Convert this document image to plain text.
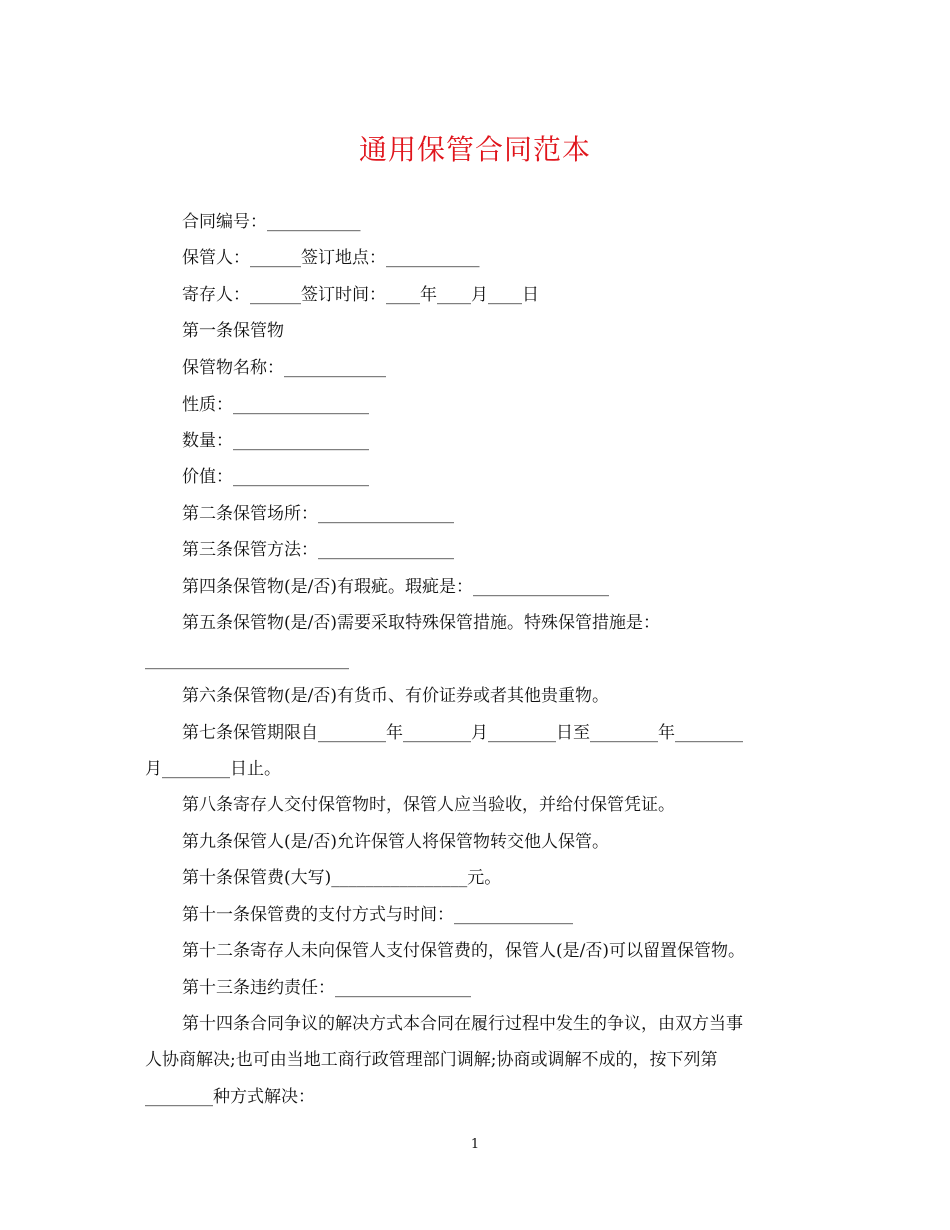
通用保管合同范本
合同编号：___________
保管人：______签订地点：___________
寄存人：______签订时间：____年____月____日
第一条保管物
保管物名称：____________
性质：________________
数量：________________
价值：________________
第二条保管场所：________________
第三条保管方法：________________
第四条保管物(是/否)有瑕疵。瑕疵是：________________
第五条保管物(是/否)需要采取特殊保管措施。特殊保管措施是：
________________________
第六条保管物(是/否)有货币、有价证券或者其他贵重物。
第七条保管期限自________年________月________日至________年________
月________日止。
第八条寄存人交付保管物时，保管人应当验收，并给付保管凭证。
第九条保管人(是/否)允许保管人将保管物转交他人保管。
第十条保管费(大写)________________元。
第十一条保管费的支付方式与时间：______________
第十二条寄存人未向保管人支付保管费的，保管人(是/否)可以留置保管物。
第十三条违约责任：________________
第十四条合同争议的解决方式本合同在履行过程中发生的争议，由双方当事
人协商解决;也可由当地工商行政管理部门调解;协商或调解不成的，按下列第
________种方式解决：
1
